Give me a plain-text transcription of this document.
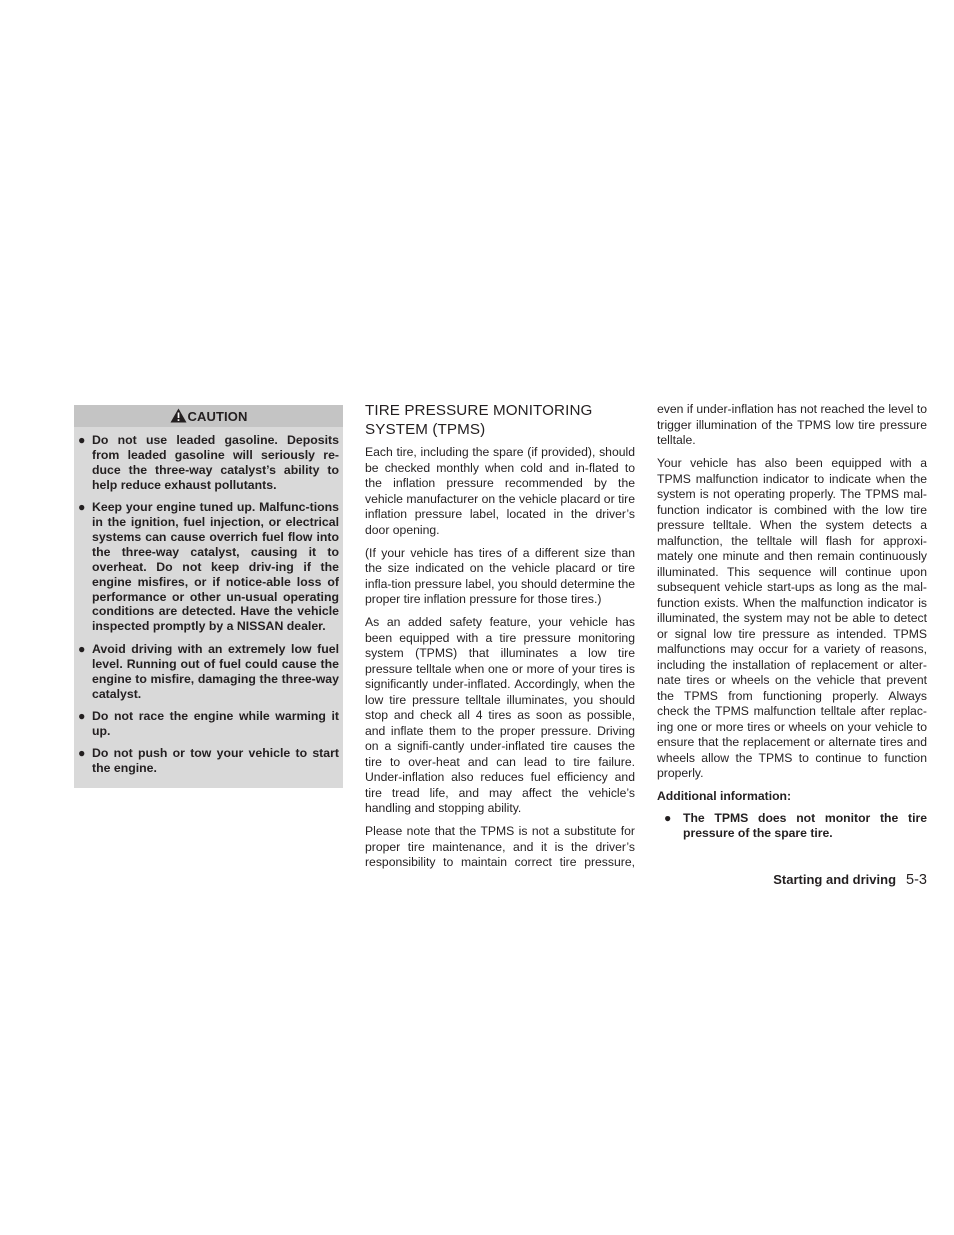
CAUTION
● Do not use leaded gasoline. Deposits from leaded gasoline will seriously re-duce the three-way catalyst’s ability to help reduce exhaust pollutants.
● Keep your engine tuned up. Malfunc-tions in the ignition, fuel injection, or electrical systems can cause overrich fuel flow into the three-way catalyst, causing it to overheat. Do not keep driv-ing if the engine misfires, or if notice-able loss of performance or other un-usual operating conditions are detected. Have the vehicle inspected promptly by a NISSAN dealer.
● Avoid driving with an extremely low fuel level. Running out of fuel could cause the engine to misfire, damaging the three-way catalyst.
● Do not race the engine while warming it up.
● Do not push or tow your vehicle to start the engine.
TIRE PRESSURE MONITORING SYSTEM (TPMS)

Each tire, including the spare (if provided), should be checked monthly when cold and in-flated to the inflation pressure recommended by the vehicle manufacturer on the vehicle placard or tire inflation pressure label, located in the driver’s door opening.

(If your vehicle has tires of a different size than the size indicated on the vehicle placard or tire infla-tion pressure label, you should determine the proper tire inflation pressure for those tires.)

As an added safety feature, your vehicle has been equipped with a tire pressure monitoring system (TPMS) that illuminates a low tire pressure telltale when one or more of your tires is significantly under-inflated. Accordingly, when the low tire pressure telltale illuminates, you should stop and check all 4 tires as soon as possible, and inflate them to the proper pressure. Driving on a signifi-cantly under-inflated tire causes the tire to over-heat and can lead to tire failure. Under-inflation also reduces fuel efficiency and tire tread life, and may affect the vehicle’s handling and stopping ability.

Please note that the TPMS is not a substitute for proper tire maintenance, and it is the driver’s responsibility to maintain correct tire pressure,

even if under-inflation has not reached the level to trigger illumination of the TPMS low tire pressure telltale.

Your vehicle has also been equipped with a TPMS malfunction indicator to indicate when the system is not operating properly. The TPMS mal-function indicator is combined with the low tire pressure telltale. When the system detects a malfunction, the telltale will flash for approxi-mately one minute and then remain continuously illuminated. This sequence will continue upon subsequent vehicle start-ups as long as the mal-function exists. When the malfunction indicator is illuminated, the system may not be able to detect or signal low tire pressure as intended. TPMS malfunctions may occur for a variety of reasons, including the installation of replacement or alter-nate tires or wheels on the vehicle that prevent the TPMS from functioning properly. Always check the TPMS malfunction telltale after replac-ing one or more tires or wheels on your vehicle to ensure that the replacement or alternate tires and wheels allow the TPMS to continue to function properly.

Additional information:
● The TPMS does not monitor the tire pressure of the spare tire.
Starting and driving 5-3
